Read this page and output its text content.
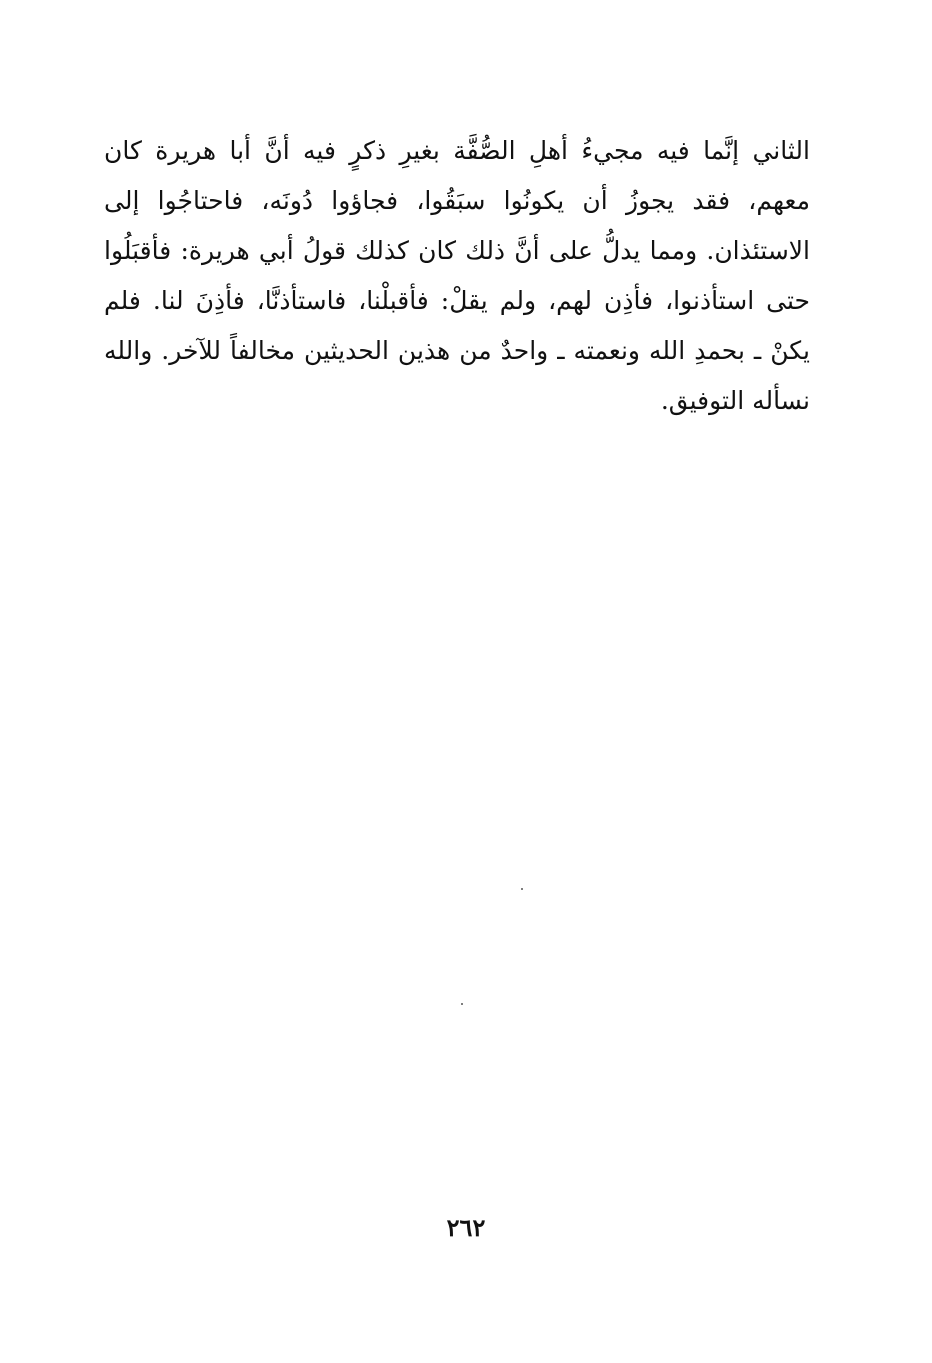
الثاني إنَّما فيه مجيءُ أهلِ الصُّفَّة بغيرِ ذكرٍ فيه أنَّ أبا هريرة كان
معهم، فقد يجوزُ أن يكونُوا سبَقُوا، فجاؤوا دُونَه، فاحتاجُوا إلى
الاستئذان. ومما يدلُّ على أنَّ ذلك كان كذلك قولُ أبي هريرة: فأقبَلُوا
حتى استأذنوا، فأذِن لهم، ولم يقلْ: فأقبلْنا، فاستأذنَّا، فأذِنَ لنا. فلم
يكنْ ـ بحمدِ الله ونعمته ـ واحدٌ من هذين الحديثين مخالفاً للآخر. والله
نسأله التوفيق.
٢٦٢
